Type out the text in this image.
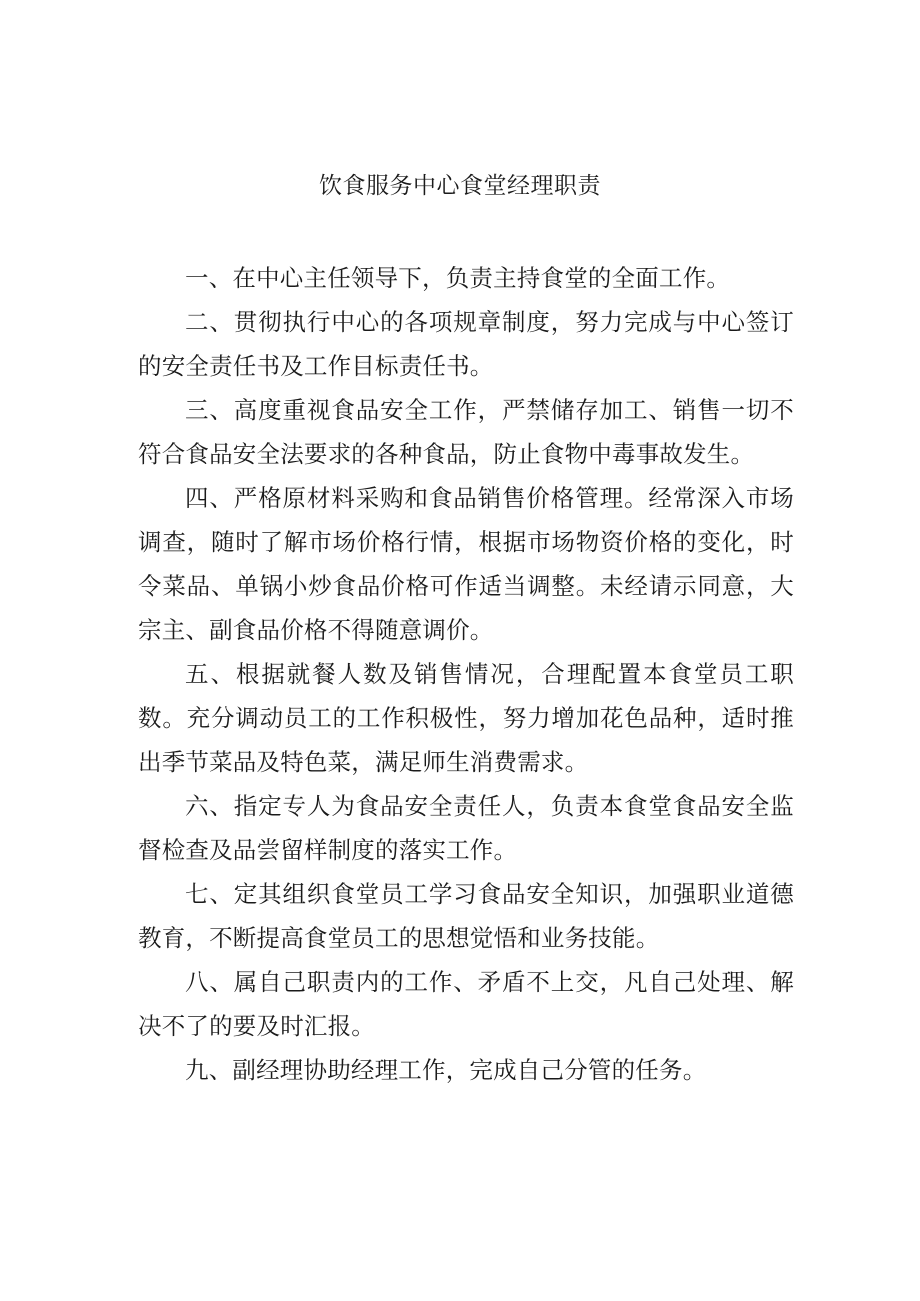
饮食服务中心食堂经理职责

一、在中心主任领导下，负责主持食堂的全面工作。

二、贯彻执行中心的各项规章制度，努力完成与中心签订的安全责任书及工作目标责任书。

三、高度重视食品安全工作，严禁储存加工、销售一切不符合食品安全法要求的各种食品，防止食物中毒事故发生。

四、严格原材料采购和食品销售价格管理。经常深入市场调查，随时了解市场价格行情，根据市场物资价格的变化，时令菜品、单锅小炒食品价格可作适当调整。未经请示同意，大宗主、副食品价格不得随意调价。

五、根据就餐人数及销售情况，合理配置本食堂员工职数。充分调动员工的工作积极性，努力增加花色品种，适时推出季节菜品及特色菜，满足师生消费需求。

六、指定专人为食品安全责任人，负责本食堂食品安全监督检查及品尝留样制度的落实工作。

七、定其组织食堂员工学习食品安全知识，加强职业道德教育，不断提高食堂员工的思想觉悟和业务技能。

八、属自己职责内的工作、矛盾不上交，凡自己处理、解决不了的要及时汇报。

九、副经理协助经理工作，完成自己分管的任务。
